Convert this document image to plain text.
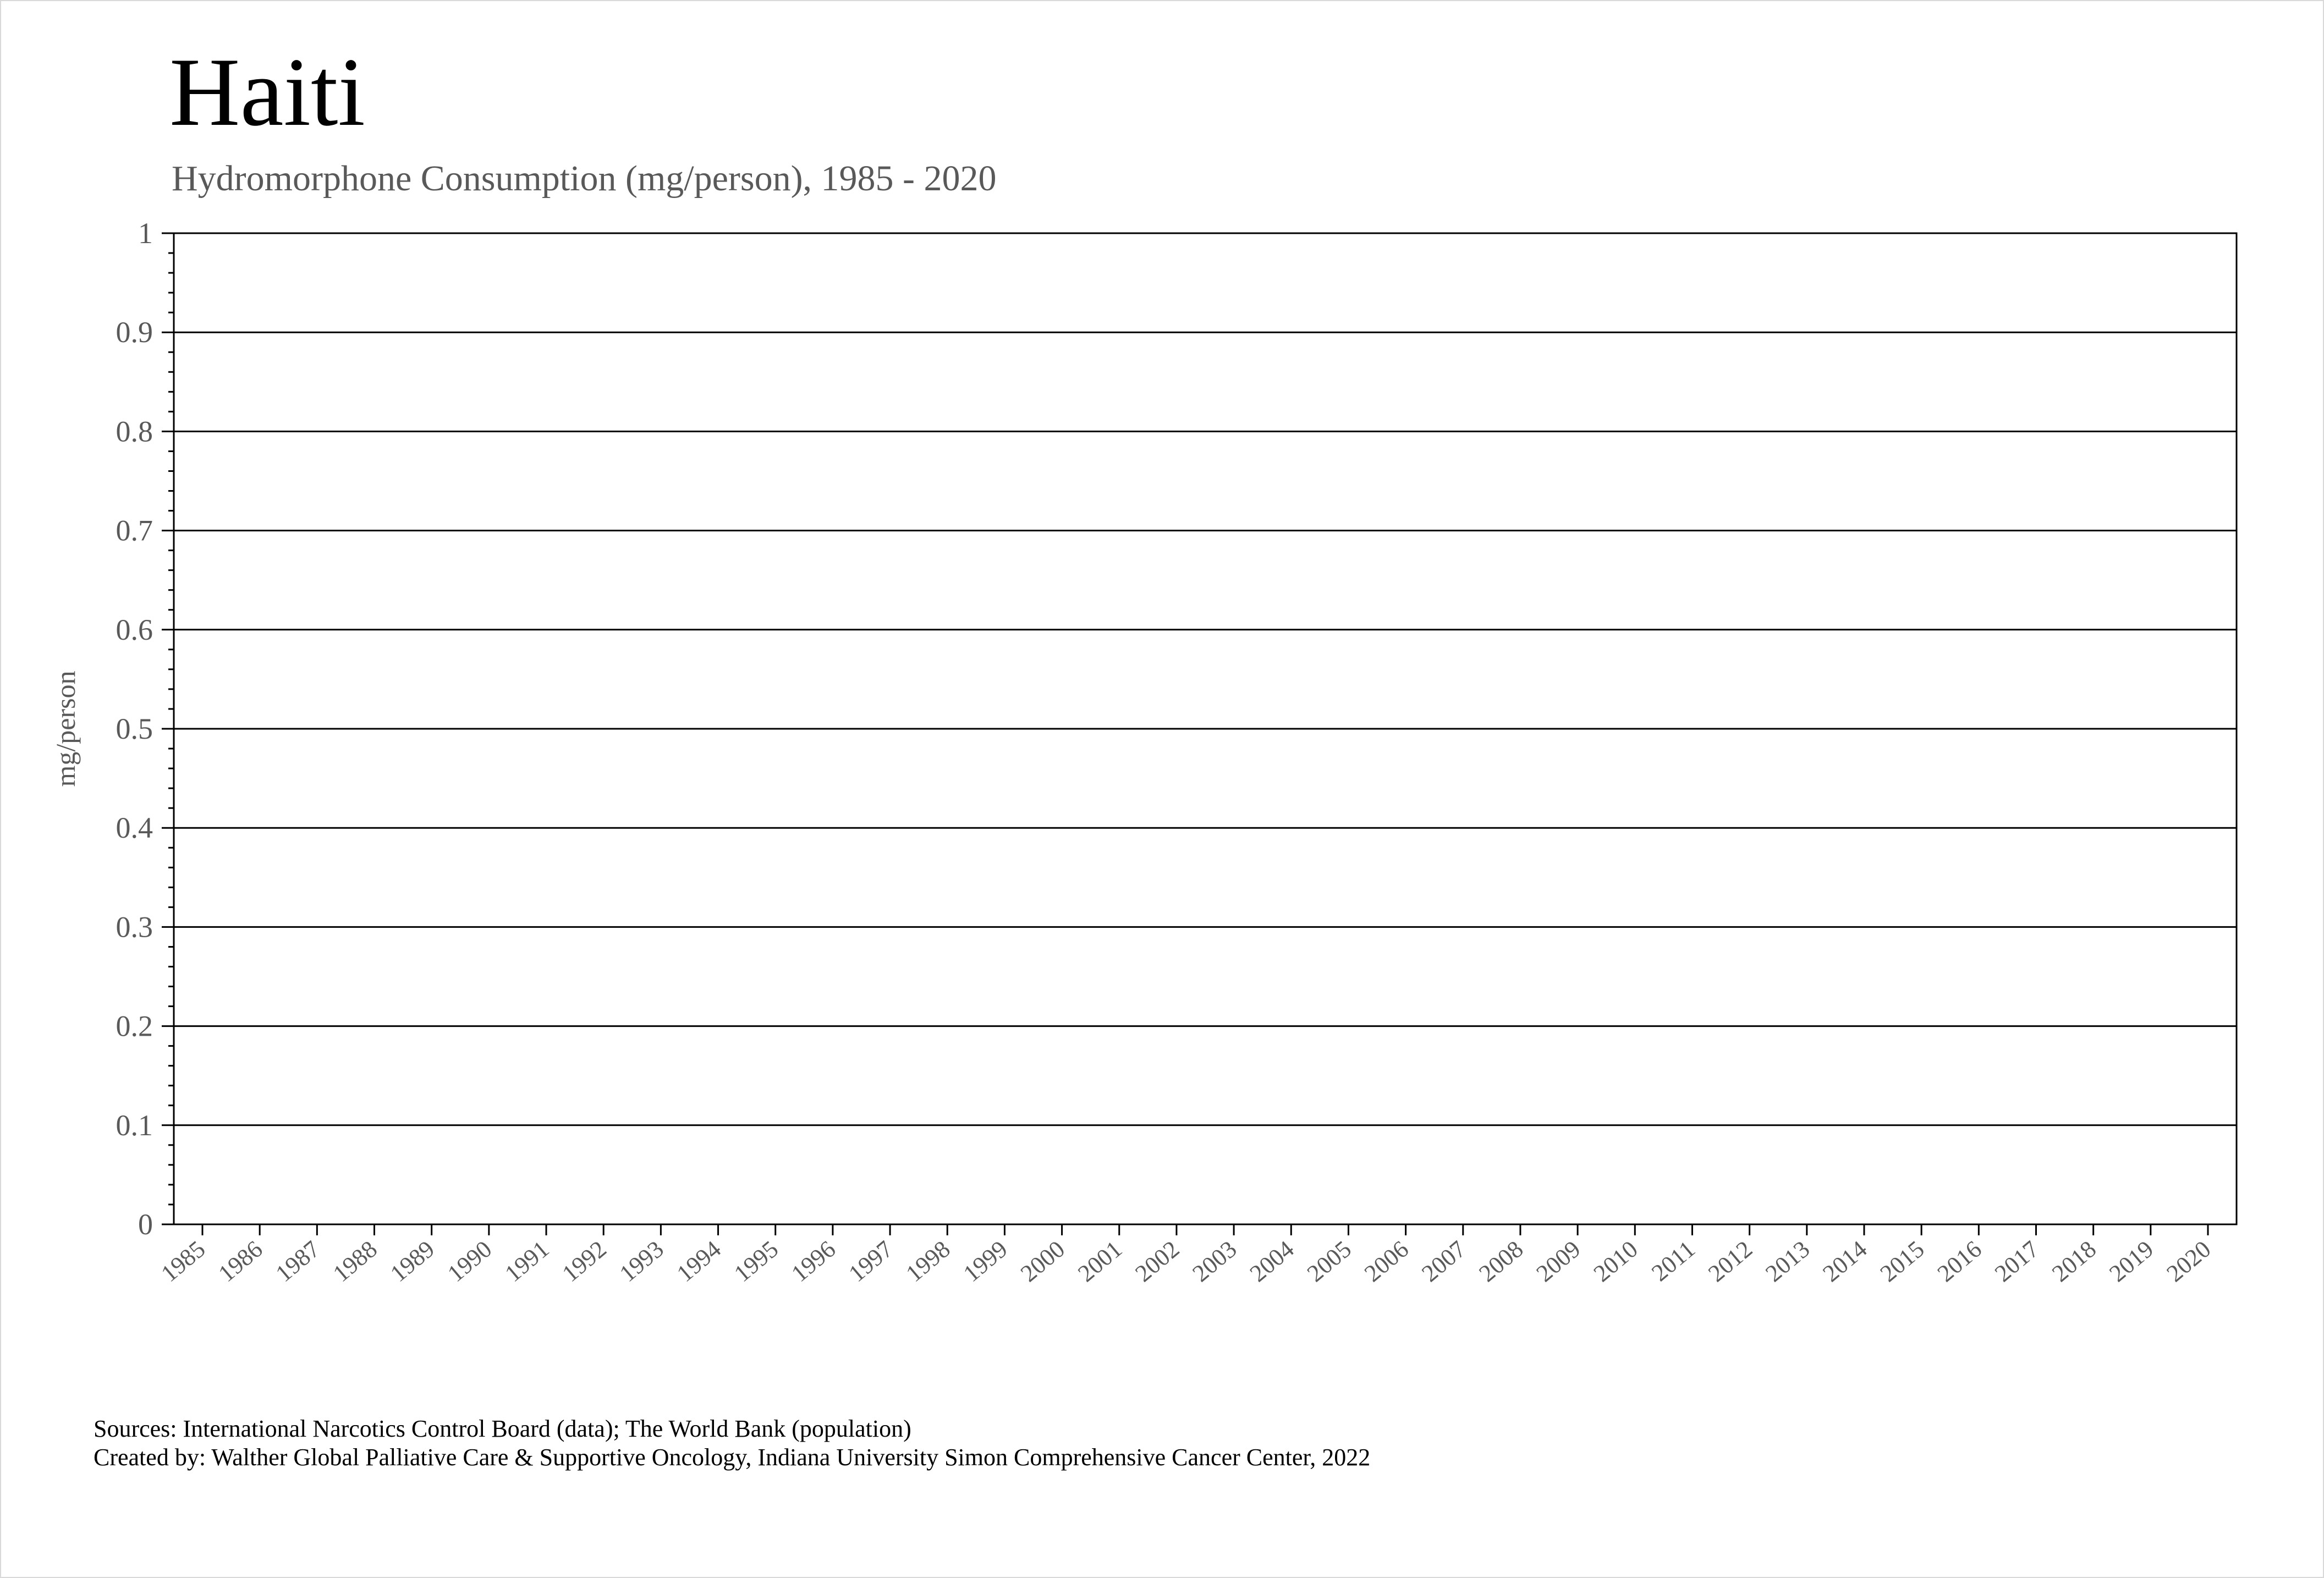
Haiti
Hydromorphone Consumption (mg/person), 1985 - 2020
0
0.1
0.2
0.3
0.4
0.5
0.6
0.7
0.8
0.9
1
1985 1986 1987 1988 1989 1990 1991 1992 1993 1994 1995 1996 1997 1998 1999 2000 2001 2002 2003 2004 2005 2006 2007 2008 2009 2010 2011 2012 2013 2014 2015 2016 2017 2018 2019 2020
mg/person
Sources: International Narcotics Control Board (data); The World Bank (population)
Created by: Walther Global Palliative Care & Supportive Oncology, Indiana University Simon Comprehensive Cancer Center, 2022
